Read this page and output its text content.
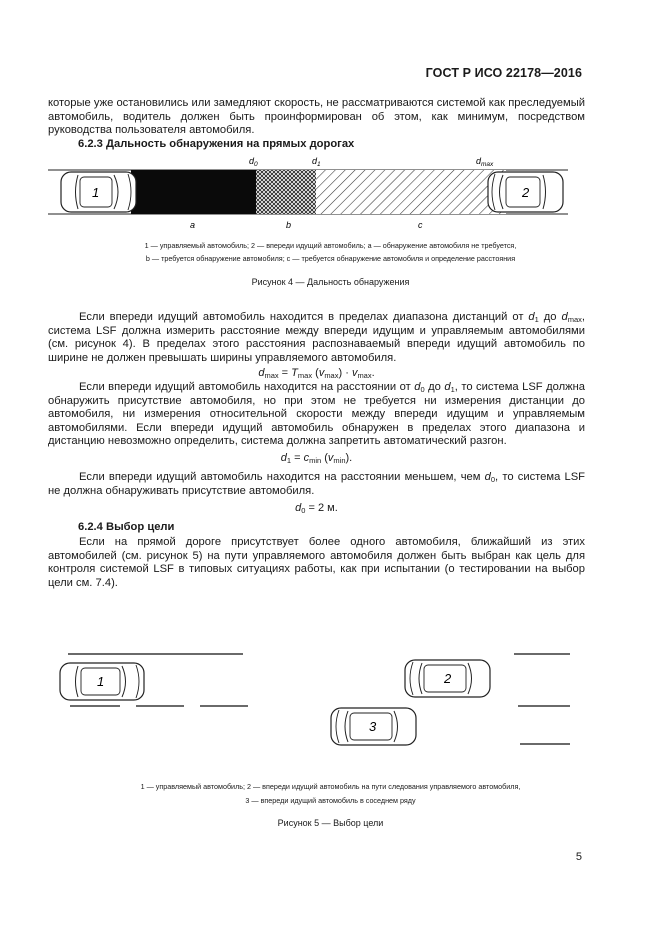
ГОСТ Р ИСО 22178—2016
которые уже остановились или замедляют скорость, не рассматриваются системой как преследуемый автомобиль, водитель должен быть проинформирован об этом, как минимум, посредством руководства пользователя автомобиля.
6.2.3 Дальность обнаружения на прямых дорогах
1	2
$d_0$	$d_1$	$d_{max}$
a	b	c
1 — управляемый автомобиль; 2 — впереди идущий автомобиль; a — обнаружение автомобиля не требуется,
b — требуется обнаружение автомобиля; c — требуется обнаружение автомобиля и определение расстояния
Рисунок 4 — Дальность обнаружения
Если впереди идущий автомобиль находится в пределах диапазона дистанций от $d_1$ до $d_{max}$, система LSF должна измерить расстояние между впереди идущим и управляемым автомобилями (см. рисунок 4). В пределах этого расстояния распознаваемый впереди идущий автомобиль по ширине не должен превышать ширины управляемого автомобиля.
$d_{max} = T_{max}$ $(v_{max}) \cdot v_{max}$.
Если впереди идущий автомобиль находится на расстоянии от $d_0$ до $d_1$, то система LSF должна обнаружить присутствие автомобиля, но при этом не требуется ни измерения дистанции до автомобиля, ни измерения относительной скорости между впереди идущим и управляемым автомобилями. Если впереди идущий автомобиль обнаружен в пределах этого диапазона и дистанцию невозможно определить, система должна запретить автоматический разгон.
$d_1 = c_{min}$ $(v_{min})$.
Если впереди идущий автомобиль находится на расстоянии меньшем, чем $d_0$, то система LSF не должна обнаруживать присутствие автомобиля.
$d_0 = 2$ м.
6.2.4 Выбор цели
Если на прямой дороге присутствует более одного автомобиля, ближайший из этих автомобилей (см. рисунок 5) на пути управляемого автомобиля должен быть выбран как цель для контроля системой LSF в типовых ситуациях работы, как при испытании (о тестировании на выбор цели см. 7.4).
1	2
3
1 — управляемый автомобиль; 2 — впереди идущий автомобиль на пути следования управляемого автомобиля,
3 — впереди идущий автомобиль в соседнем ряду
Рисунок 5 — Выбор цели
5
